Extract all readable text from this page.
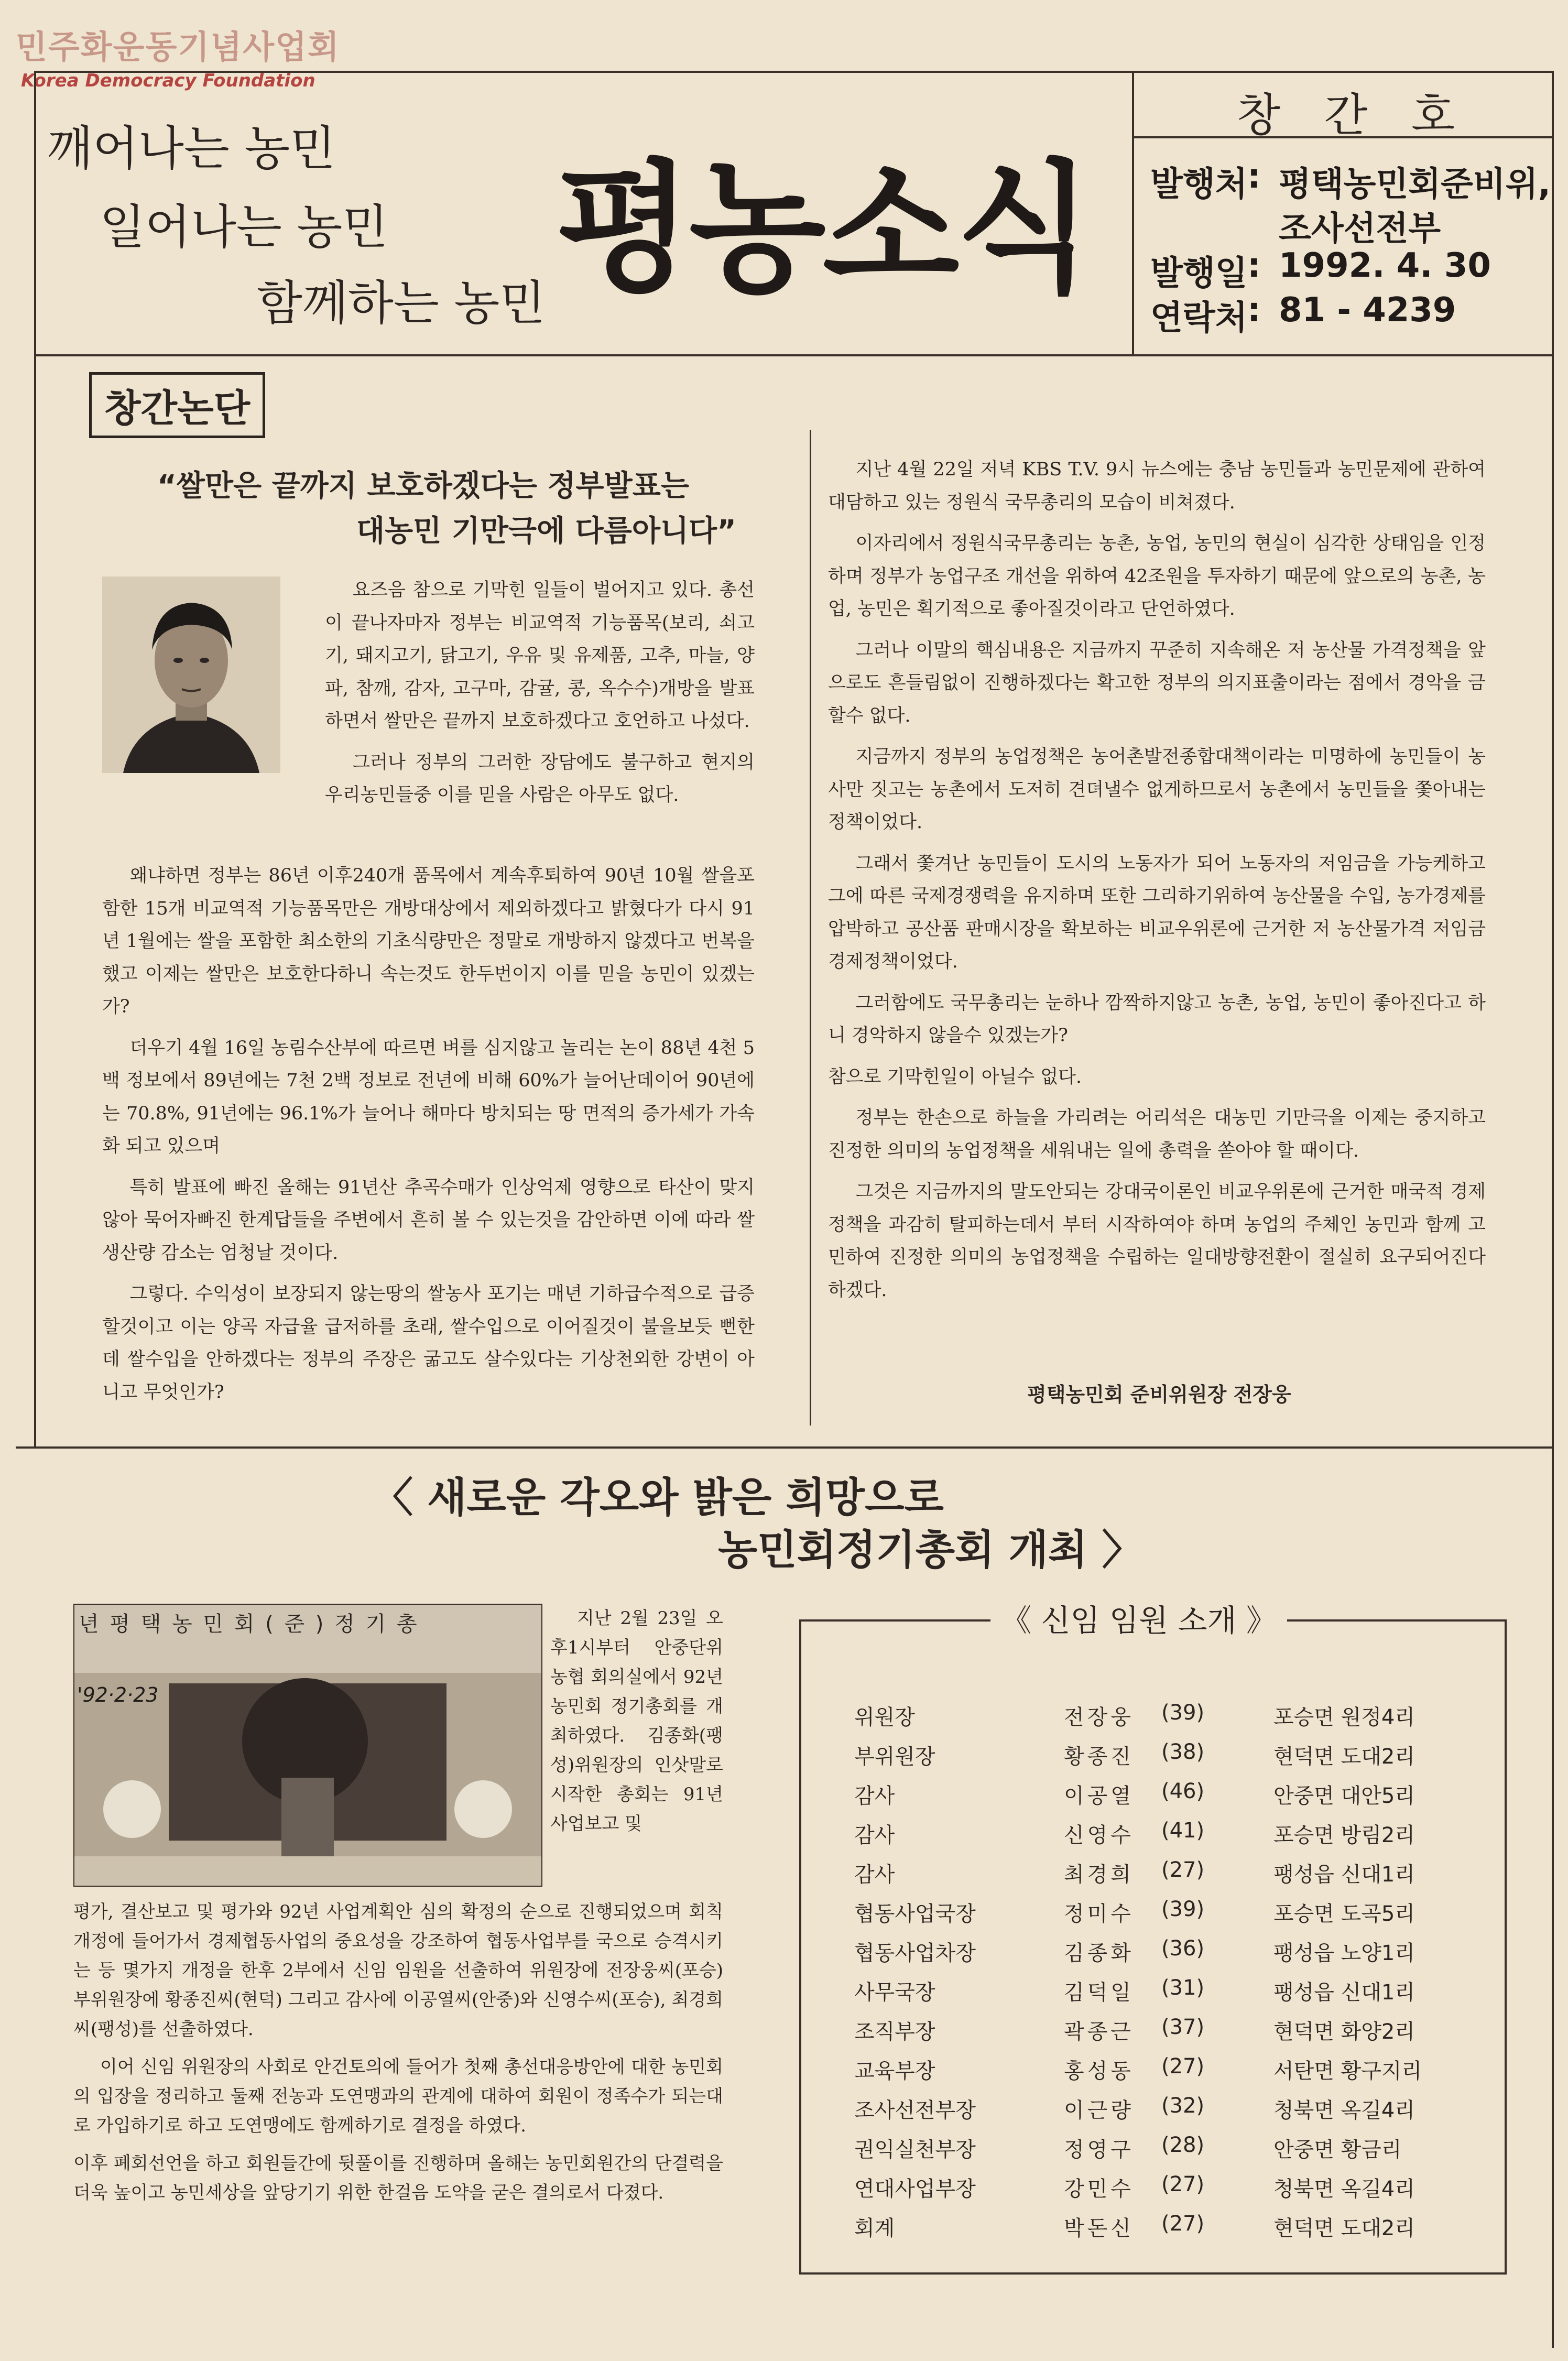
민주화운동기념사업회
Korea Democracy Foundation
깨어나는 농민
일어나는 농민
함께하는 농민 평농소식
창 간 호
발행처 : 평택농민회준비위,
조사선전부
발행일 : 1992. 4. 30
연락처 : 81 - 4239
창간논단
“쌀만은 끝까지 보호하겠다는 정부발표는
대농민 기만극에 다름아니다”

요즈음 참으로 기막힌 일들이 벌어지고 있다. 총선이 끝나자마자 정부는 비교역적 기능품목(보리, 쇠고기, 돼지고기, 닭고기, 우유 및 유제품, 고추, 마늘, 양파, 참깨, 감자, 고구마, 감귤, 콩, 옥수수)개방을 발표하면서 쌀만은 끝까지 보호하겠다고 호언하고 나섰다.

그러나 정부의 그러한 장담에도 불구하고 현지의 우리농민들중 이를 믿을 사람은 아무도 없다.

왜냐하면 정부는 86년 이후240개 품목에서 계속후퇴하여 90년 10월 쌀을포함한 15개 비교역적 기능품목만은 개방대상에서 제외하겠다고 밝혔다가 다시 91년 1월에는 쌀을 포함한 최소한의 기초식량만은 정말로 개방하지 않겠다고 번복을 했고 이제는 쌀만은 보호한다하니 속는것도 한두번이지 이를 믿을 농민이 있겠는가?

더우기 4월 16일 농림수산부에 따르면 벼를 심지않고 놀리는 논이 88년 4천 5백 정보에서 89년에는 7천 2백 정보로 전년에 비해 60%가 늘어난데이어 90년에는 70.8%, 91년에는 96.1%가 늘어나 해마다 방치되는 땅 면적의 증가세가 가속화 되고 있으며

특히 발표에 빠진 올해는 91년산 추곡수매가 인상억제 영향으로 타산이 맞지않아 묵어자빠진 한계답들을 주변에서 흔히 볼 수 있는것을 감안하면 이에 따라 쌀 생산량 감소는 엄청날 것이다.

그렇다. 수익성이 보장되지 않는땅의 쌀농사 포기는 매년 기하급수적으로 급증할것이고 이는 양곡 자급율 급저하를 초래, 쌀수입으로 이어질것이 불을보듯 뻔한데 쌀수입을 안하겠다는 정부의 주장은 굶고도 살수있다는 기상천외한 강변이 아니고 무엇인가?

지난 4월 22일 저녁 KBS T.V. 9시 뉴스에는 충남 농민들과 농민문제에 관하여 대담하고 있는 정원식 국무총리의 모습이 비쳐졌다.

이자리에서 정원식국무총리는 농촌, 농업, 농민의 현실이 심각한 상태임을 인정하며 정부가 농업구조 개선을 위하여 42조원을 투자하기 때문에 앞으로의 농촌, 농업, 농민은 획기적으로 좋아질것이라고 단언하였다.

그러나 이말의 핵심내용은 지금까지 꾸준히 지속해온 저 농산물 가격정책을 앞으로도 흔들림없이 진행하겠다는 확고한 정부의 의지표출이라는 점에서 경악을 금할수 없다.

지금까지 정부의 농업정책은 농어촌발전종합대책이라는 미명하에 농민들이 농사만 짓고는 농촌에서 도저히 견뎌낼수 없게하므로서 농촌에서 농민들을 쫓아내는 정책이었다.

그래서 쫓겨난 농민들이 도시의 노동자가 되어 노동자의 저임금을 가능케하고 그에 따른 국제경쟁력을 유지하며 또한 그리하기위하여 농산물을 수입, 농가경제를 압박하고 공산품 판매시장을 확보하는 비교우위론에 근거한 저 농산물가격 저임금 경제정책이었다.

그러함에도 국무총리는 눈하나 깜짝하지않고 농촌, 농업, 농민이 좋아진다고 하니 경악하지 않을수 있겠는가?

참으로 기막힌일이 아닐수 없다.

정부는 한손으로 하늘을 가리려는 어리석은 대농민 기만극을 이제는 중지하고 진정한 의미의 농업정책을 세워내는 일에 총력을 쏟아야 할 때이다.

그것은 지금까지의 말도안되는 강대국이론인 비교우위론에 근거한 매국적 경제정책을 과감히 탈피하는데서 부터 시작하여야 하며 농업의 주체인 농민과 함께 고민하여 진정한 의미의 농업정책을 수립하는 일대방향전환이 절실히 요구되어진다 하겠다.

평택농민회 준비위원장 전장웅
〈 새로운 각오와 밝은 희망으로
농민회정기총회 개최 〉
년 평 택 농 민 회 ( 준 ) 정 기 총
'92·2·23

지난 2월 23일 오후1시부터 안중단위 농협 회의실에서 92년 농민회 정기총회를 개최하였다. 김종화(팽성)위원장의 인삿말로 시작한 총회는 91년 사업보고 및

평가, 결산보고 및 평가와 92년 사업계획안 심의 확정의 순으로 진행되었으며 회칙개정에 들어가서 경제협동사업의 중요성을 강조하여 협동사업부를 국으로 승격시키는 등 몇가지 개정을 한후 2부에서 신임 임원을 선출하여 위원장에 전장웅씨(포승) 부위원장에 황종진씨(현덕) 그리고 감사에 이공열씨(안중)와 신영수씨(포승), 최경희씨(팽성)를 선출하였다.

이어 신임 위원장의 사회로 안건토의에 들어가 첫째 총선대응방안에 대한 농민회의 입장을 정리하고 둘째 전농과 도연맹과의 관계에 대하여 회원이 정족수가 되는대로 가입하기로 하고 도연맹에도 함께하기로 결정을 하였다.

이후 폐회선언을 하고 회원들간에 뒷풀이를 진행하며 올해는 농민회원간의 단결력을 더욱 높이고 농민세상을 앞당기기 위한 한걸음 도약을 굳은 결의로서 다졌다.

《 신임 임원 소개 》
위원장	전장웅 (39)	포승면 원정4리
부위원장	황종진 (38)	현덕면 도대2리
감사	이공열 (46)	안중면 대안5리
감사	신영수 (41)	포승면 방림2리
감사	최경희 (27)	팽성읍 신대1리
협동사업국장	정미수 (39)	포승면 도곡5리
협동사업차장	김종화 (36)	팽성읍 노양1리
사무국장	김덕일 (31)	팽성읍 신대1리
조직부장	곽종근 (37)	현덕면 화양2리
교육부장	홍성동 (27)	서탄면 황구지리
조사선전부장	이근량 (32)	청북면 옥길4리
권익실천부장	정영구 (28)	안중면 황금리
연대사업부장	강민수 (27)	청북면 옥길4리
회계	박돈신 (27)	현덕면 도대2리
